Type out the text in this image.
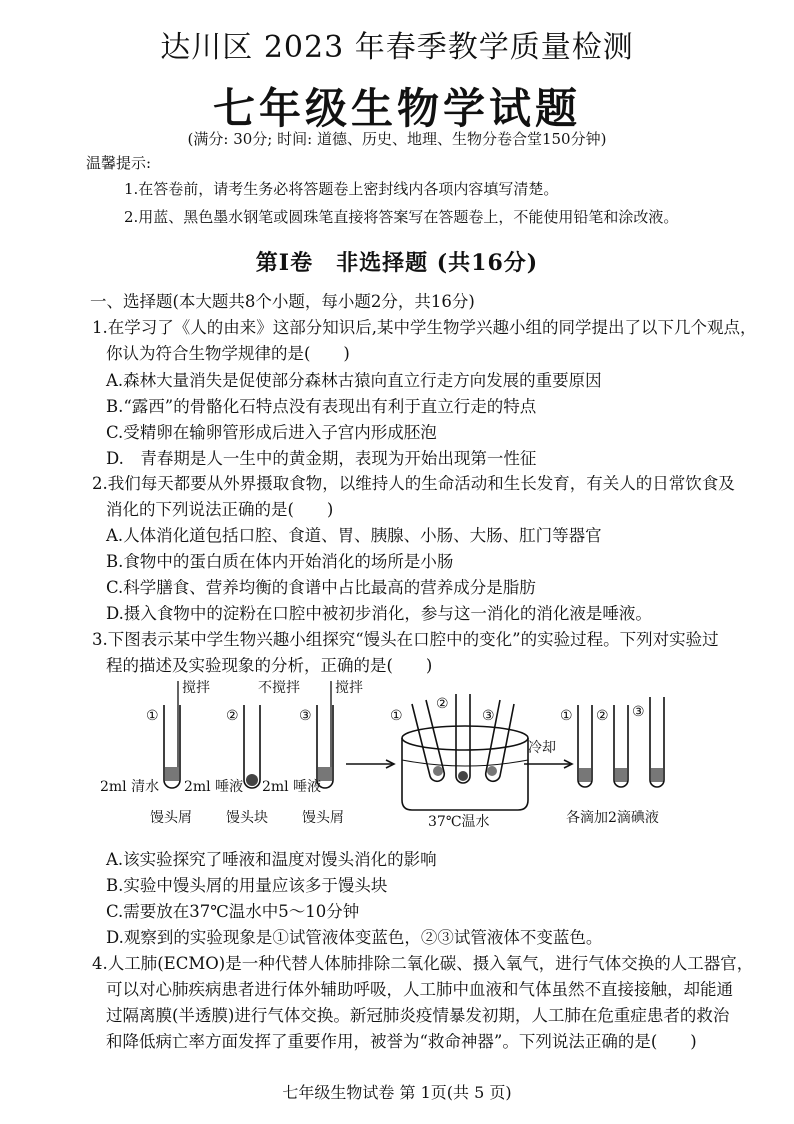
达川区 2023 年春季教学质量检测
七年级生物学试题
(满分: 30分; 时间: 道德、历史、地理、生物分卷合堂150分钟)
温馨提示:
1.在答卷前，请考生务必将答题卷上密封线内各项内容填写清楚。
2.用蓝、黑色墨水钢笔或圆珠笔直接将答案写在答题卷上，不能使用铅笔和涂改液。
第Ⅰ卷　非选择题 (共16分)
一、选择题(本大题共8个小题，每小题2分，共16分)
1.在学习了《人的由来》这部分知识后,某中学生物学兴趣小组的同学提出了以下几个观点，
你认为符合生物学规律的是(　　)
A.森林大量消失是促使部分森林古猿向直立行走方向发展的重要原因
B.“露西”的骨骼化石特点没有表现出有利于直立行走的特点
C.受精卵在输卵管形成后进入子宫内形成胚泡
D.　青春期是人一生中的黄金期，表现为开始出现第一性征
2.我们每天都要从外界摄取食物，以维持人的生命活动和生长发育，有关人的日常饮食及
消化的下列说法正确的是(　　)
A.人体消化道包括口腔、食道、胃、胰腺、小肠、大肠、肛门等器官
B.食物中的蛋白质在体内开始消化的场所是小肠
C.科学膳食、营养均衡的食谱中占比最高的营养成分是脂肪
D.摄入食物中的淀粉在口腔中被初步消化，参与这一消化的消化液是唾液。
3.下图表示某中学生物兴趣小组探究“馒头在口腔中的变化”的实验过程。下列对实验过
程的描述及实验现象的分析，正确的是(　　)
搅拌	不搅拌	搅拌
①	②	③	①
②
③	① ② ③
2ml 清水 2ml 唾液 2ml 唾液
馒头屑 馒头块 馒头屑	37℃温水
冷却
各滴加2滴碘液
A.该实验探究了唾液和温度对馒头消化的影响
B.实验中馒头屑的用量应该多于馒头块
C.需要放在37℃温水中5～10分钟
D.观察到的实验现象是①试管液体变蓝色，②③试管液体不变蓝色。
4.人工肺(ECMO)是一种代替人体肺排除二氧化碳、摄入氧气，进行气体交换的人工器官，
可以对心肺疾病患者进行体外辅助呼吸，人工肺中血液和气体虽然不直接接触，却能通
过隔离膜(半透膜)进行气体交换。新冠肺炎疫情暴发初期，人工肺在危重症患者的救治
和降低病亡率方面发挥了重要作用，被誉为“救命神器”。下列说法正确的是(　　)
七年级生物试卷 第 1页(共 5 页)
